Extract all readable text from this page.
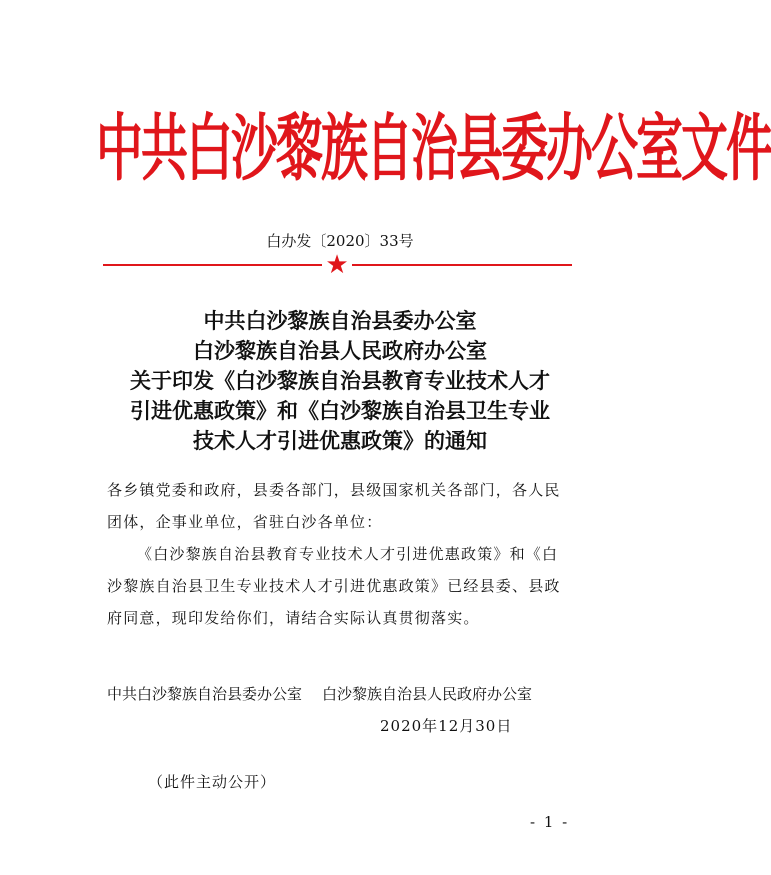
中共白沙黎族自治县委办公室文件
白办发〔2020〕33号
★
中共白沙黎族自治县委办公室
白沙黎族自治县人民政府办公室
关于印发《白沙黎族自治县教育专业技术人才
引进优惠政策》和《白沙黎族自治县卫生专业
技术人才引进优惠政策》的通知
各乡镇党委和政府，县委各部门，县级国家机关各部门，各人民
团体，企事业单位，省驻白沙各单位：
《白沙黎族自治县教育专业技术人才引进优惠政策》和《白
沙黎族自治县卫生专业技术人才引进优惠政策》已经县委、县政
府同意，现印发给你们，请结合实际认真贯彻落实。
中共白沙黎族自治县委办公室 白沙黎族自治县人民政府办公室
2020年12月30日
（此件主动公开）
- 1 -
